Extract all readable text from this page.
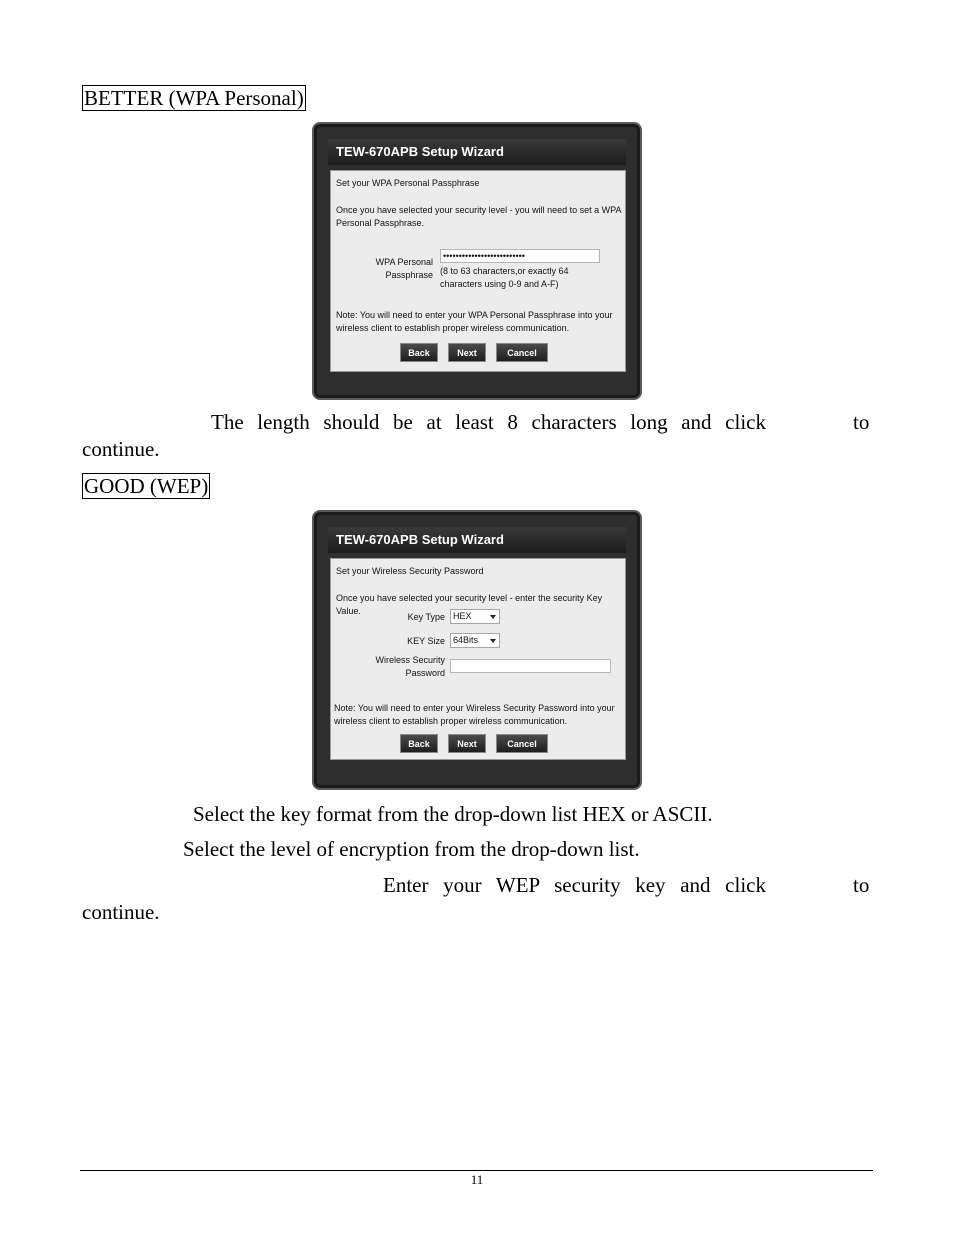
BETTER (WPA Personal)
TEW-670APB Setup Wizard
Set your WPA Personal Passphrase
Once you have selected your security level - you will need to set a WPA
Personal Passphrase.
WPA Personal
Passphrase
••••••••••••••••••••••••••
(8 to 63 characters,or exactly 64
characters using 0-9 and A-F)
Note: You will need to enter your WPA Personal Passphrase into your
wireless client to establish proper wireless communication.
Back	Next	Cancel
The length should be at least 8 characters long and click	to
continue.
GOOD (WEP)
TEW-670APB Setup Wizard
Set your Wireless Security Password
Once you have selected your security level - enter the security Key
Value.
Key Type HEX
KEY Size 64Bits
Wireless Security
Password
Note: You will need to enter your Wireless Security Password into your
wireless client to establish proper wireless communication.
Back	Next	Cancel
Select the key format from the drop-down list HEX or ASCII.
Select the level of encryption from the drop-down list.
Enter your WEP security key and click	to
continue.
11
